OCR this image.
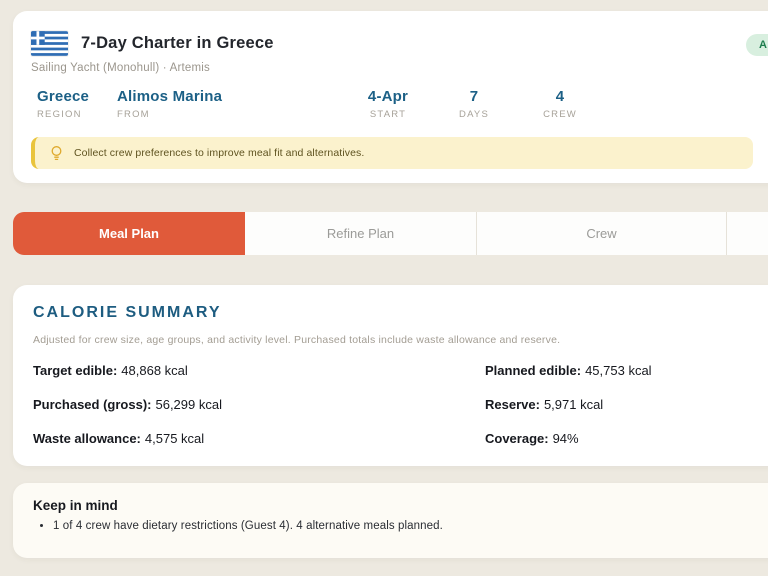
7-Day Charter in Greece	A
Sailing Yacht (Monohull) · Artemis
Greece
REGION
Alimos Marina
FROM
4-Apr
START
7
DAYS
4
CREW
Collect crew preferences to improve meal fit and alternatives.
Meal Plan	Refine Plan	Crew
CALORIE SUMMARY
Adjusted for crew size, age groups, and activity level. Purchased totals include waste allowance and reserve.
Target edible: 48,868 kcal	Planned edible: 45,753 kcal
Purchased (gross): 56,299 kcal	Reserve: 5,971 kcal
Waste allowance: 4,575 kcal	Coverage: 94%
Keep in mind
• 1 of 4 crew have dietary restrictions (Guest 4). 4 alternative meals planned.
